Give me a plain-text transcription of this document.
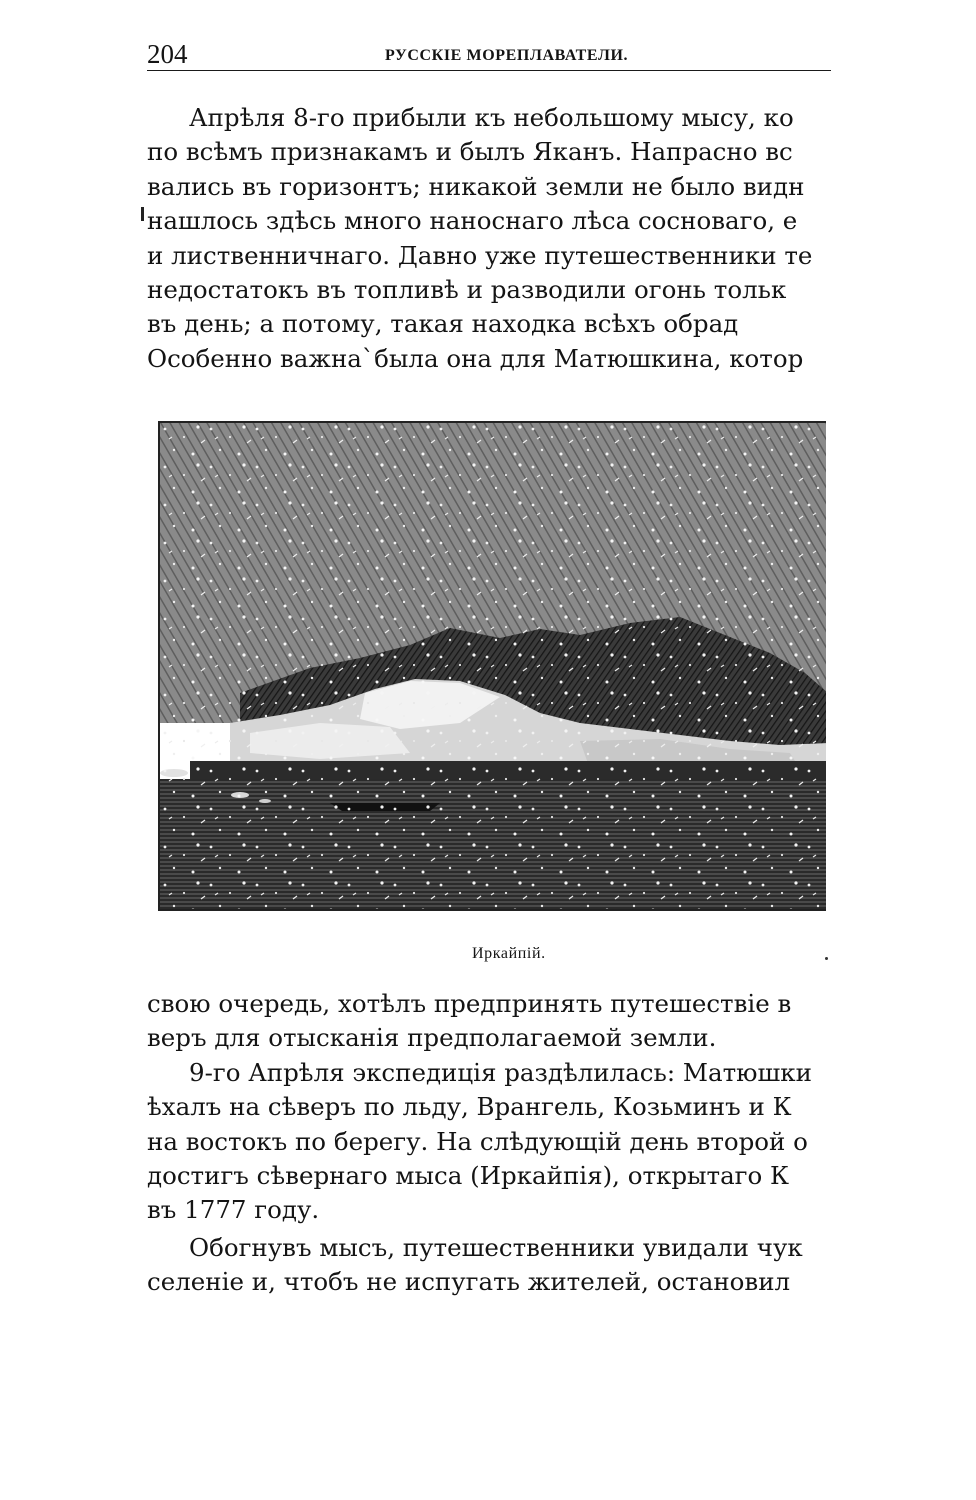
204	РУССКIE МОРЕПЛАВАТЕЛИ.
Апрѣля 8-го прибыли къ небольшому мысу, ко
по всѣмъ признакамъ и былъ Яканъ. Напрасно вс
вались въ горизонтъ; никакой земли не было видн
нашлось здѣсь много наноснаго лѣса сосноваго, е
и лиственничнаго. Давно уже путешественники те
недостатокъ въ топливѣ и разводили огонь тольк
въ день; а потому, такая находка всѣхъ обрад
Особенно важна`была она для Матюшкина, котор
Иркайпій.
свою очередь, хотѣлъ предпринять путешествіе в
веръ для отысканія предполагаемой земли.
9-го Апрѣля экспедиція раздѣлилась: Матюшки
ѣхалъ на сѣверъ по льду, Врангель, Козьминъ и К
на востокъ по берегу. На слѣдующій день второй о
достигъ сѣвернаго мыса (Иркайпія), открытаго К
въ 1777 году.
Обогнувъ мысъ, путешественники увидали чук
селеніе и, чтобъ не испугать жителей, остановил
